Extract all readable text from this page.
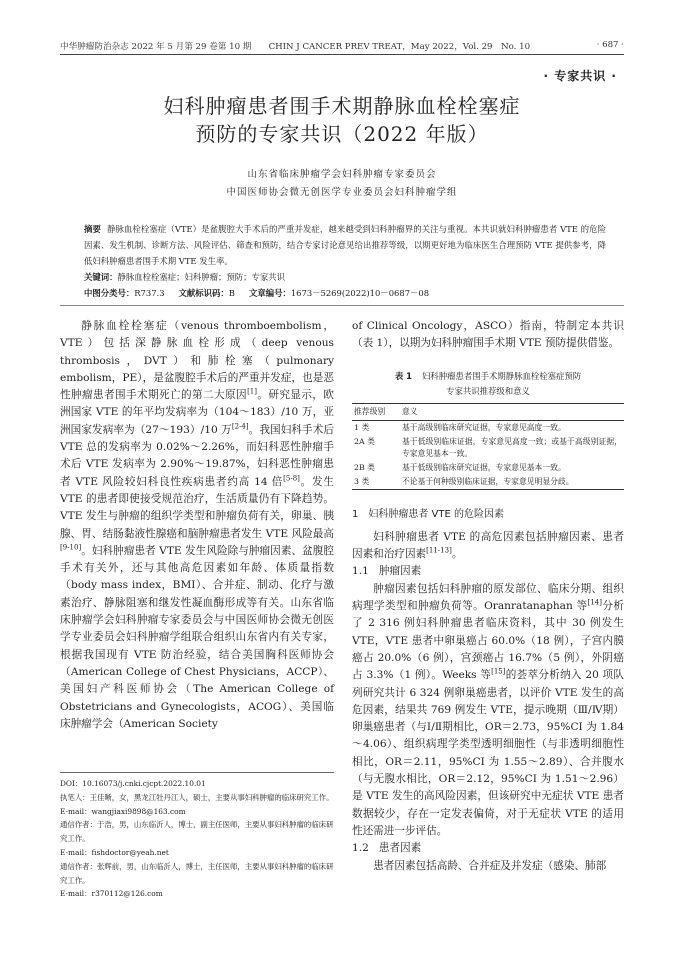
中华肿瘤防治杂志 2022 年 5 月第 29 卷第 10 期　　CHIN J CANCER PREV TREAT，May 2022，Vol. 29　No. 10	· 687 ·
· 专家共识 ·
妇科肿瘤患者围手术期静脉血栓栓塞症
预防的专家共识（2022 年版）
山东省临床肿瘤学会妇科肿瘤专家委员会
中国医师协会微无创医学专业委员会妇科肿瘤学组
摘要 静脉血栓栓塞症（VTE）是盆腹腔大手术后的严重并发症，越来越受到妇科肿瘤界的关注与重视。本共识就妇科肿瘤患者 VTE 的危险因素、发生机制、诊断方法、风险评估、筛查和预防，结合专家讨论意见给出推荐等级，以期更好地为临床医生合理预防 VTE 提供参考，降低妇科肿瘤患者围手术期 VTE 发生率。
关键词：静脉血栓栓塞症；妇科肿瘤；预防；专家共识
中图分类号：R737.3 文献标识码：B 文章编号：1673－5269(2022)10－0687－08

静脉血栓栓塞症（venous thromboembolism，VTE）包括深静脉血栓形成（deep venous thrombosis，DVT）和肺栓塞（pulmonary embolism，PE），是盆腹腔手术后的严重并发症，也是恶性肿瘤患者围手术期死亡的第二大原因[1]。研究显示，欧洲国家 VTE 的年平均发病率为（104～183）/10 万，亚洲国家发病率为（27～193）/10 万[2-4]。我国妇科手术后 VTE 总的发病率为 0.02%～2.26%，而妇科恶性肿瘤手术后 VTE 发病率为 2.90%～19.87%，妇科恶性肿瘤患者 VTE 风险较妇科良性疾病患者约高 14 倍[5-8]。发生 VTE 的患者即使接受规范治疗，生活质量仍有下降趋势。VTE 发生与肿瘤的组织学类型和肿瘤负荷有关，卵巢、胰腺、胃、结肠黏液性腺癌和脑肿瘤患者发生 VTE 风险最高[9-10]。妇科肿瘤患者 VTE 发生风险除与肿瘤因素、盆腹腔手术有关外，还与其他高危因素如年龄、体质量指数（body mass index，BMI）、合并症、制动、化疗与激素治疗、静脉阻塞和继发性凝血酶形成等有关。山东省临床肿瘤学会妇科肿瘤专家委员会与中国医师协会微无创医学专业委员会妇科肿瘤学组联合组织山东省内有关专家，根据我国现有 VTE 防治经验，结合美国胸科医师协会（American College of Chest Physicians，ACCP）、美国妇产科医师协会（The American College of Obstetricians and Gynecologists，ACOG）、美国临床肿瘤学会（American Society

DOI：10.16073/j.cnki.cjcpt.2022.10.01

执笔人：王佳晰，女，黑龙江牡丹江人，硕士，主要从事妇科肿瘤的临床研究工作。

E-mail：wangjiaxi9898@163.com

通信作者：于浩，男，山东临沂人，博士，副主任医师，主要从事妇科肿瘤的临床研究工作。

E-mail：fishdoctor@yeah.net

通信作者：张辉前，男，山东临沂人，博士，主任医师，主要从事妇科肿瘤的临床研究工作。

E-mail：r370112@126.com

of Clinical Oncology，ASCO）指南，特制定本共识（表 1），以期为妇科肿瘤围手术期 VTE 预防提供借鉴。

表 1 妇科肿瘤患者围手术期静脉血栓栓塞症预防
专家共识推荐级和意义
推荐级别	意义
1 类	基于高级别临床研究证据，专家意见高度一致。
2A 类	基于低级别临床证据，专家意见高度一致；或基于高级别证据，专家意见基本一致。
2B 类	基于低级别临床研究证据，专家意见基本一致。
3 类	不论基于何种级别临床证据，专家意见明显分歧。
1　妇科肿瘤患者 VTE 的危险因素

妇科肿瘤患者 VTE 的高危因素包括肿瘤因素、患者因素和治疗因素[11-13]。

1.1 肿瘤因素

肿瘤因素包括妇科肿瘤的原发部位、临床分期、组织病理学类型和肿瘤负荷等。Oranratanaphan 等[14]分析了 2 316 例妇科肿瘤患者临床资料，其中 30 例发生 VTE，VTE 患者中卵巢癌占 60.0%（18 例），子宫内膜癌占 20.0%（6 例），宫颈癌占 16.7%（5 例），外阴癌占 3.3%（1 例）。Weeks 等[15]的荟萃分析纳入 20 项队列研究共计 6 324 例卵巢癌患者，以评价 VTE 发生的高危因素，结果共 769 例发生 VTE，提示晚期（Ⅲ/Ⅳ期）卵巢癌患者（与Ⅰ/Ⅱ期相比，OR＝2.73，95%CI 为 1.84～4.06）、组织病理学类型透明细胞性（与非透明细胞性相比，OR＝2.11，95%CI 为 1.55～2.89）、合并腹水（与无腹水相比，OR＝2.12，95%CI 为 1.51～2.96）是 VTE 发生的高风险因素，但该研究中无症状 VTE 患者数据较少，存在一定发表偏倚，对于无症状 VTE 的适用性还需进一步评估。

1.2 患者因素

患者因素包括高龄、合并症及并发症（感染、肺部
